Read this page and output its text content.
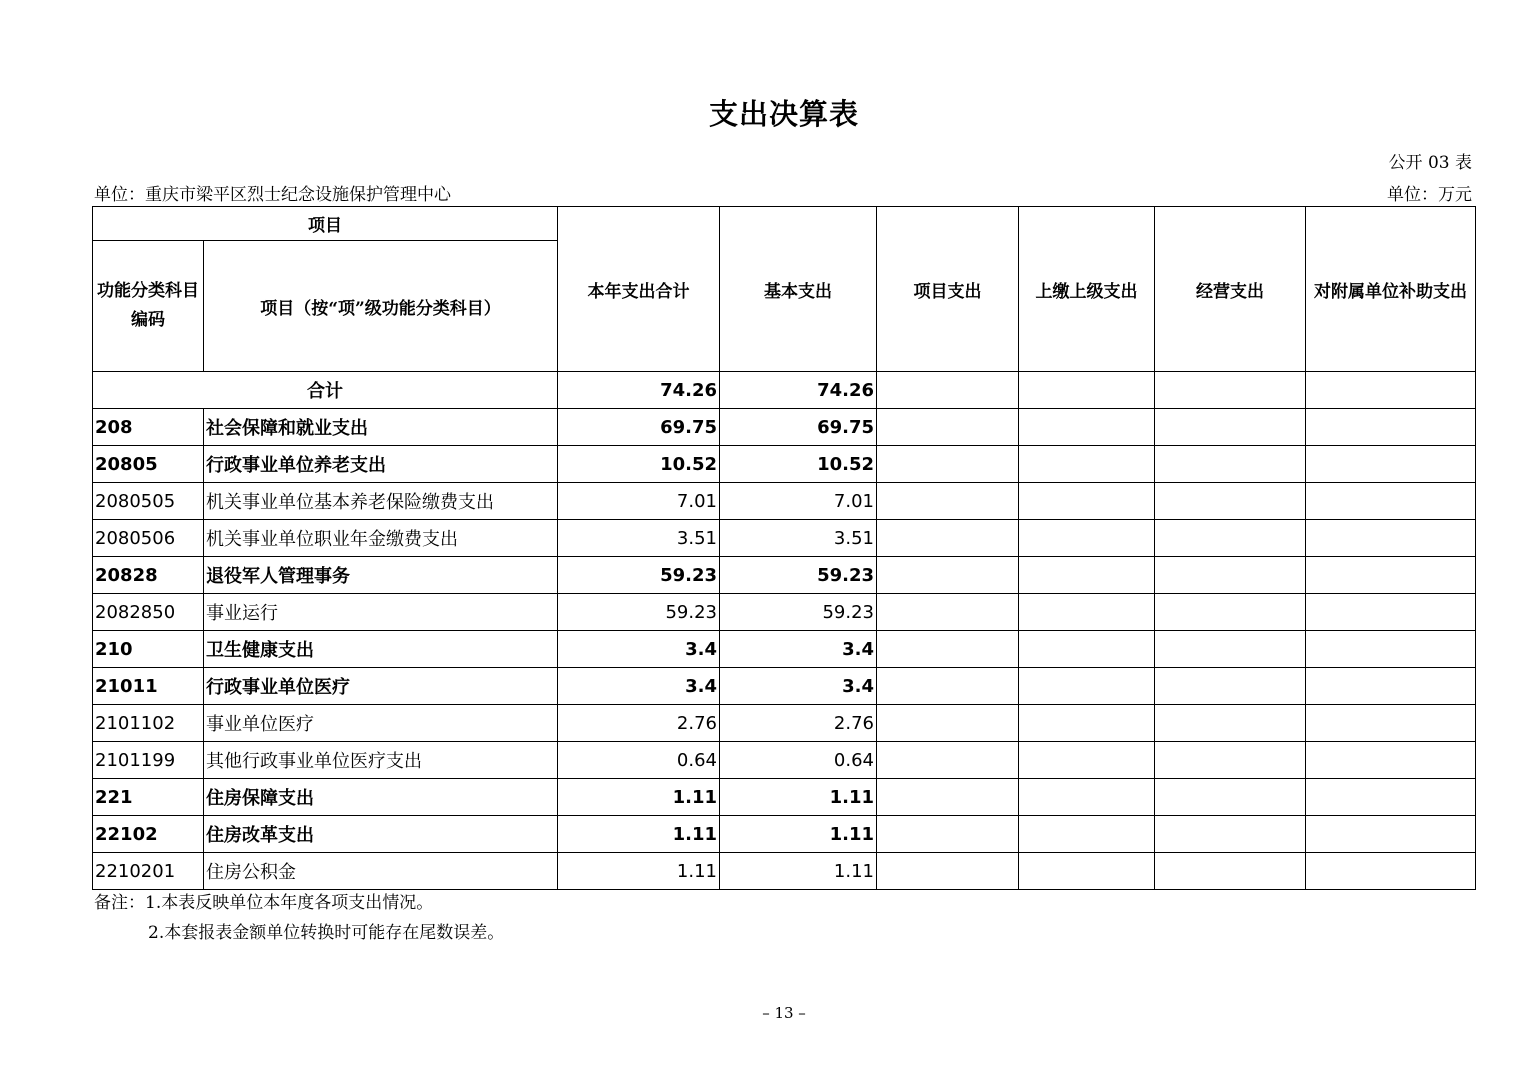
支出决算表
公开 03 表
单位：重庆市梁平区烈士纪念设施保护管理中心	单位：万元
项目		本年支出合计	基本支出	项目支出	上缴上级支出	经营支出	对附属单位补助支出
功能分类科目编码	项目（按“项”级功能分类科目）						
合计		74.26	74.26				
208	社会保障和就业支出	69.75	69.75				
20805	行政事业单位养老支出	10.52	10.52				
2080505	机关事业单位基本养老保险缴费支出	7.01	7.01				
2080506	机关事业单位职业年金缴费支出	3.51	3.51				
20828	退役军人管理事务	59.23	59.23				
2082850	事业运行	59.23	59.23				
210	卫生健康支出	3.4	3.4				
21011	行政事业单位医疗	3.4	3.4				
2101102	事业单位医疗	2.76	2.76				
2101199	其他行政事业单位医疗支出	0.64	0.64				
221	住房保障支出	1.11	1.11				
22102	住房改革支出	1.11	1.11				
2210201	住房公积金	1.11	1.11				
备注：1.本表反映单位本年度各项支出情况。
2.本套报表金额单位转换时可能存在尾数误差。
– 13 –
